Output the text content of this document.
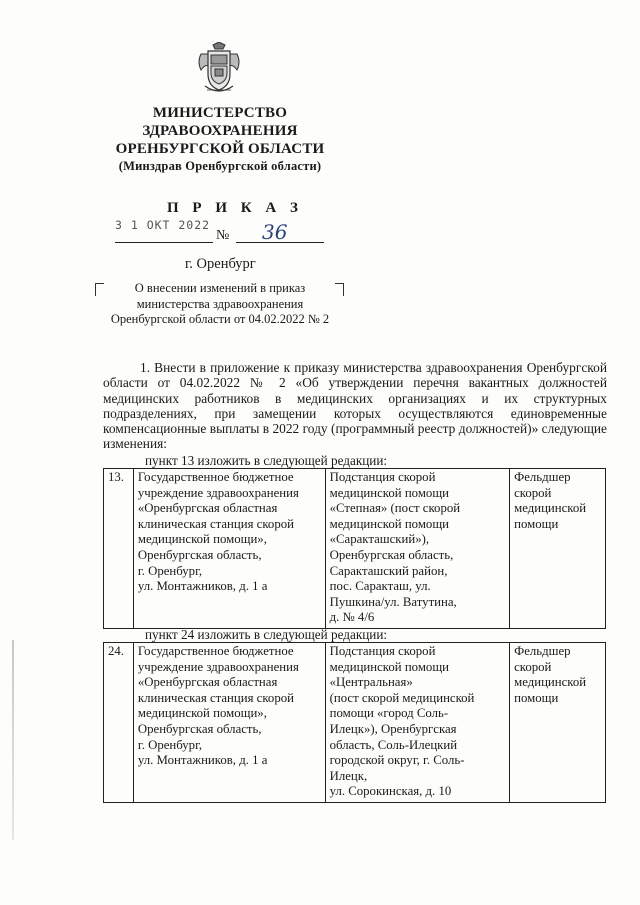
МИНИСТЕРСТВО
ЗДРАВООХРАНЕНИЯ
ОРЕНБУРГСКОЙ ОБЛАСТИ
(Минздрав Оренбургской области)
П Р И К А З
3 1 ОКТ 2022
№ 36
г. Оренбург
О внесении изменений в приказ
министерства здравоохранения
Оренбургской области от 04.02.2022 № 2
1. Внести в приложение к приказу министерства здравоохранения Оренбургской области от 04.02.2022 № 2 «Об утверждении перечня вакантных должностей медицинских работников в медицинских организациях и их структурных подразделениях, при замещении которых осуществляются единовременные компенсационные выплаты в 2022 году (программный реестр должностей)» следующие изменения:
пункт 13 изложить в следующей редакции:
13.	Государственное бюджетное
учреждение здравоохранения
«Оренбургская областная
клиническая станция скорой
медицинской помощи»,
Оренбургская область,
г. Оренбург,
ул. Монтажников, д. 1 а

Подстанция скорой
медицинской помощи
«Степная» (пост скорой
медицинской помощи
«Саракташский»),
Оренбургская область,
Саракташский район,
пос. Саракташ, ул.
Пушкина/ул. Ватутина,
д. № 4/6

Фельдшер
скорой
медицинской
помощи
пункт 24 изложить в следующей редакции:
24.	Государственное бюджетное
учреждение здравоохранения
«Оренбургская областная
клиническая станция скорой
медицинской помощи»,
Оренбургская область,
г. Оренбург,
ул. Монтажников, д. 1 а

Подстанция скорой
медицинской помощи
«Центральная»
(пост скорой медицинской
помощи «город Соль-
Илецк»), Оренбургская
область, Соль-Илецкий
городской округ, г. Соль-
Илецк,
ул. Сорокинская, д. 10

Фельдшер
скорой
медицинской
помощи
